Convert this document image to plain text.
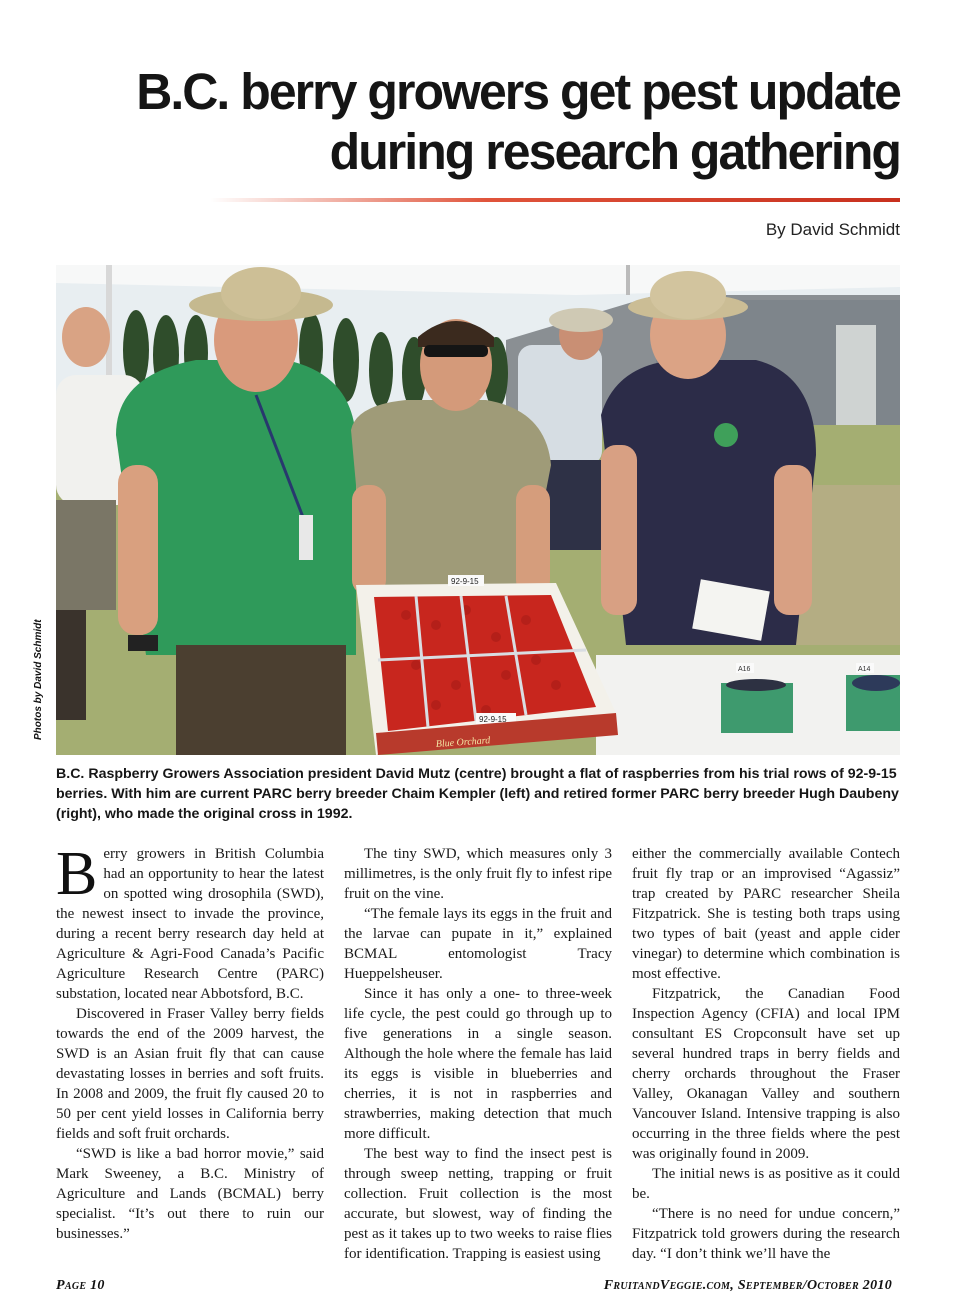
B.C. berry growers get pest update
during research gathering
By David Schmidt
A16	A14
92-9-15
92-9-15
Blue Orchard
Photos by David Schmidt

B.C. Raspberry Growers Association president David Mutz (centre) brought a flat of raspberries from his trial rows of 92-9-15 berries. With him are current PARC berry breeder Chaim Kempler (left) and retired former PARC berry breeder Hugh Daubeny (right), who made the original cross in 1992.

Berry growers in British Columbia had an opportunity to hear the latest on spotted wing drosophila (SWD), the newest insect to invade the province, during a recent berry research day held at Agriculture & Agri-Food Canada’s Pacific Agriculture Research Centre (PARC) substation, located near Abbotsford, B.C.

Discovered in Fraser Valley berry fields towards the end of the 2009 harvest, the SWD is an Asian fruit fly that can cause devastating losses in berries and soft fruits. In 2008 and 2009, the fruit fly caused 20 to 50 per cent yield losses in California berry fields and soft fruit orchards.

“SWD is like a bad horror movie,” said Mark Sweeney, a B.C. Ministry of Agriculture and Lands (BCMAL) berry specialist. “It’s out there to ruin our businesses.”

The tiny SWD, which measures only 3 millimetres, is the only fruit fly to infest ripe fruit on the vine.

“The female lays its eggs in the fruit and the larvae can pupate in it,” explained BCMAL entomologist Tracy Hueppelsheuser.

Since it has only a one- to three-week life cycle, the pest could go through up to five generations in a single season. Although the hole where the female has laid its eggs is visible in blueberries and cherries, it is not in raspberries and strawberries, making detection that much more difficult.

The best way to find the insect pest is through sweep netting, trapping or fruit collection. Fruit collection is the most accurate, but slowest, way of finding the pest as it takes up to two weeks to raise flies for identification. Trapping is easiest using

either the commercially available Contech fruit fly trap or an improvised “Agassiz” trap created by PARC researcher Sheila Fitzpatrick. She is testing both traps using two types of bait (yeast and apple cider vinegar) to determine which combination is most effective.

Fitzpatrick, the Canadian Food Inspection Agency (CFIA) and local IPM consultant ES Cropconsult have set up several hundred traps in berry fields and cherry orchards throughout the Fraser Valley, Okanagan Valley and southern Vancouver Island. Intensive trapping is also occurring in the three fields where the pest was originally found in 2009.

The initial news is as positive as it could be.

“There is no need for undue concern,” Fitzpatrick told growers during the research day. “I don’t think we’ll have the

Page 10	FruitandVeggie.com, September/October 2010
